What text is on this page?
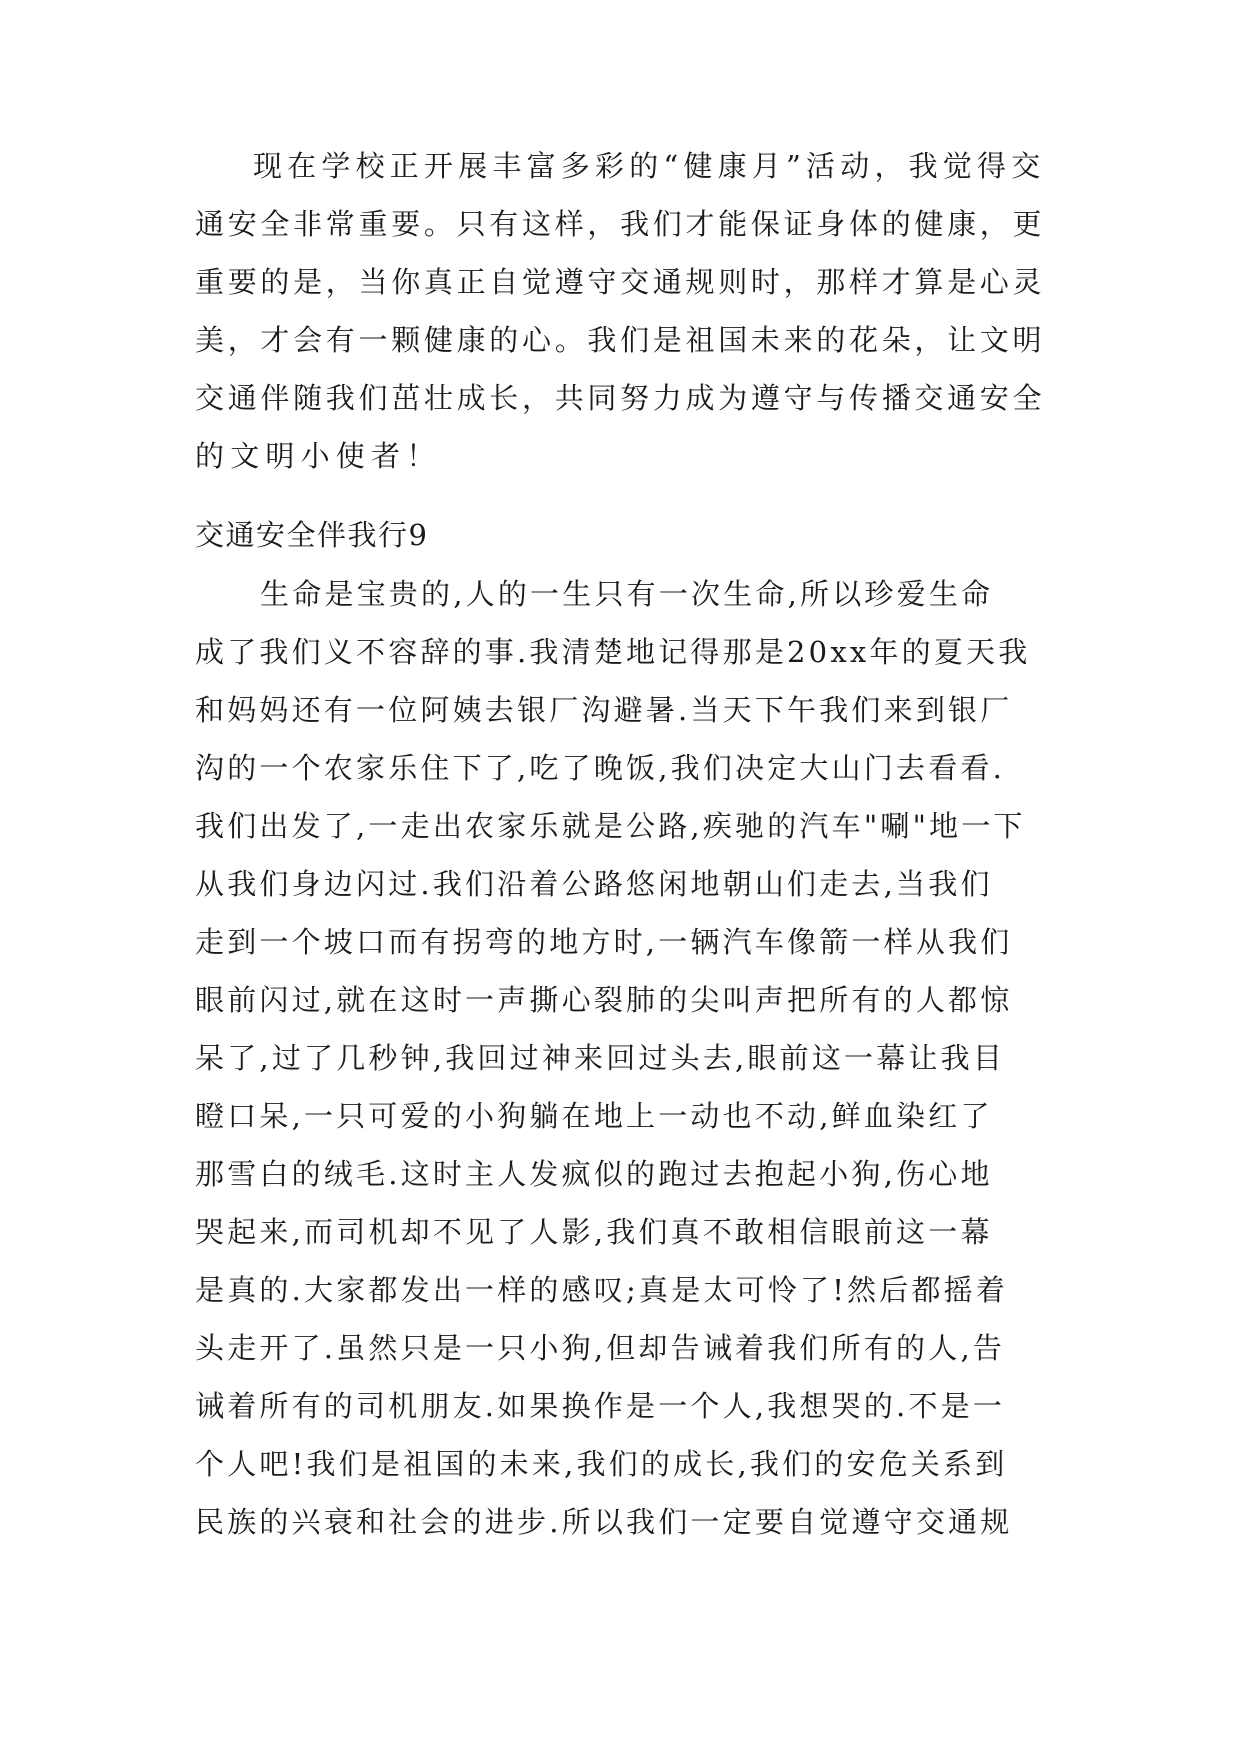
现在学校正开展丰富多彩的“健康月”活动，我觉得交
通安全非常重要。只有这样，我们才能保证身体的健康，更
重要的是，当你真正自觉遵守交通规则时，那样才算是心灵
美，才会有一颗健康的心。我们是祖国未来的花朵，让文明
交通伴随我们茁壮成长，共同努力成为遵守与传播交通安全
的文明小使者！
交通安全伴我行9
生命是宝贵的,人的一生只有一次生命,所以珍爱生命
成了我们义不容辞的事.我清楚地记得那是20xx年的夏天我
和妈妈还有一位阿姨去银厂沟避暑.当天下午我们来到银厂
沟的一个农家乐住下了,吃了晚饭,我们决定大山门去看看.
我们出发了,一走出农家乐就是公路,疾驰的汽车"唰"地一下
从我们身边闪过.我们沿着公路悠闲地朝山们走去,当我们
走到一个坡口而有拐弯的地方时,一辆汽车像箭一样从我们
眼前闪过,就在这时一声撕心裂肺的尖叫声把所有的人都惊
呆了,过了几秒钟,我回过神来回过头去,眼前这一幕让我目
瞪口呆,一只可爱的小狗躺在地上一动也不动,鲜血染红了
那雪白的绒毛.这时主人发疯似的跑过去抱起小狗,伤心地
哭起来,而司机却不见了人影,我们真不敢相信眼前这一幕
是真的.大家都发出一样的感叹;真是太可怜了!然后都摇着
头走开了.虽然只是一只小狗,但却告诫着我们所有的人,告
诫着所有的司机朋友.如果换作是一个人,我想哭的.不是一
个人吧!我们是祖国的未来,我们的成长,我们的安危关系到
民族的兴衰和社会的进步.所以我们一定要自觉遵守交通规
